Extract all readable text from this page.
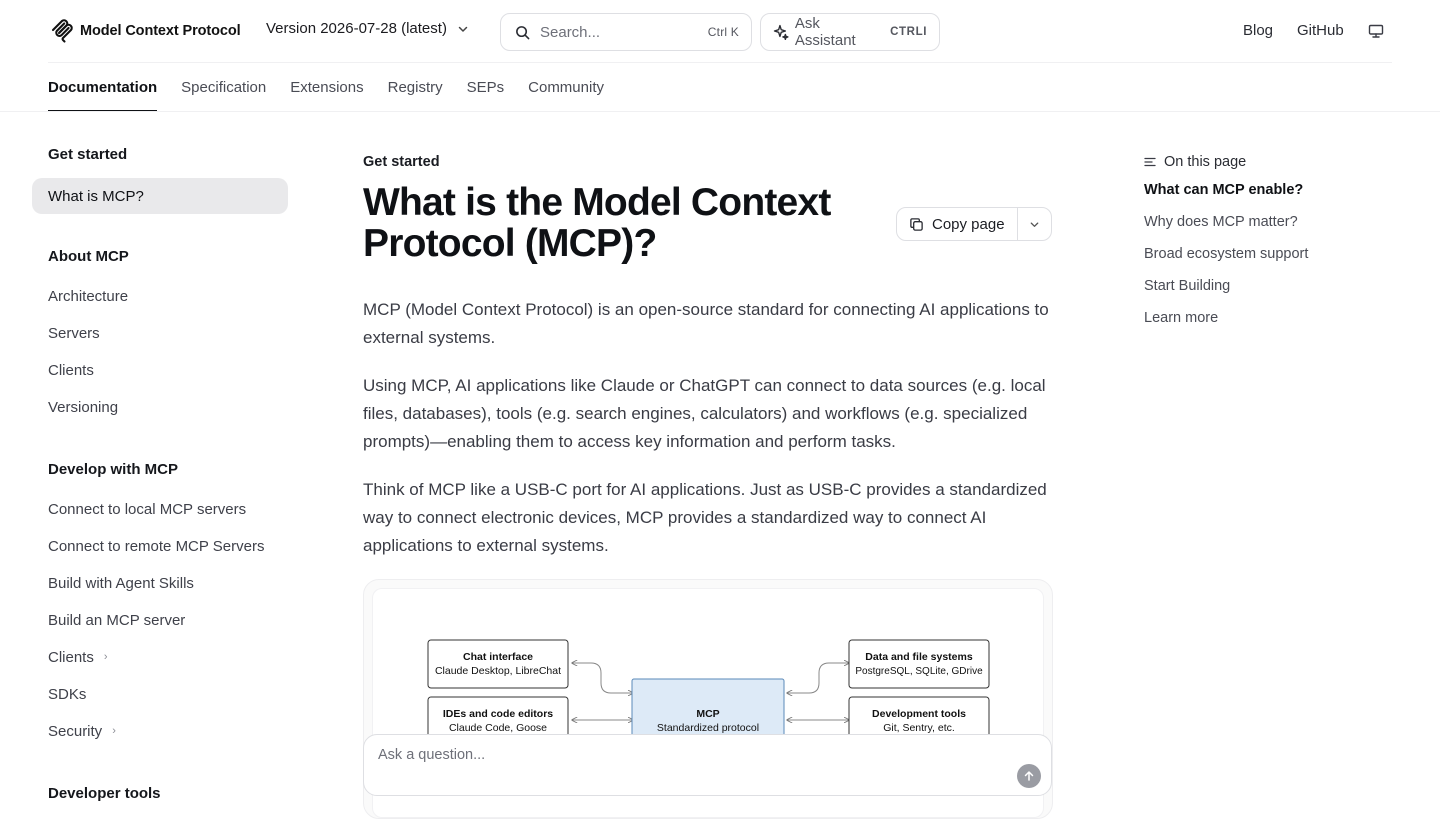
Model Context Protocol Version 2026-07-28 (latest)	Search...	Ctrl K	Ask Assistant	CTRLI	Blog GitHub
Documentation Specification Extensions Registry SEPs Community
Get started
What is MCP?
About MCP
Architecture
Servers
Clients
Versioning
Develop with MCP
Connect to local MCP servers
Connect to remote MCP Servers
Build with Agent Skills
Build an MCP server
Clients ›
SDKs
Security ›
Developer tools
Get started
What is the Model Context Protocol (MCP)?	Copy page

MCP (Model Context Protocol) is an open-source standard for connecting AI applications to external systems.

Using MCP, AI applications like Claude or ChatGPT can connect to data sources (e.g. local files, databases), tools (e.g. search engines, calculators) and workflows (e.g. specialized prompts)—enabling them to access key information and perform tasks.

Think of MCP like a USB-C port for AI applications. Just as USB-C provides a standardized way to connect electronic devices, MCP provides a standardized way to connect AI applications to external systems.

Chat interface
Claude Desktop, LibreChat
IDEs and code editors
Claude Code, Goose
MCP
Standardized protocol
Data and file systems
PostgreSQL, SQLite, GDrive
Development tools
Git, Sentry, etc.
Ask a question...
On this page
What can MCP enable?
Why does MCP matter?
Broad ecosystem support
Start Building
Learn more
